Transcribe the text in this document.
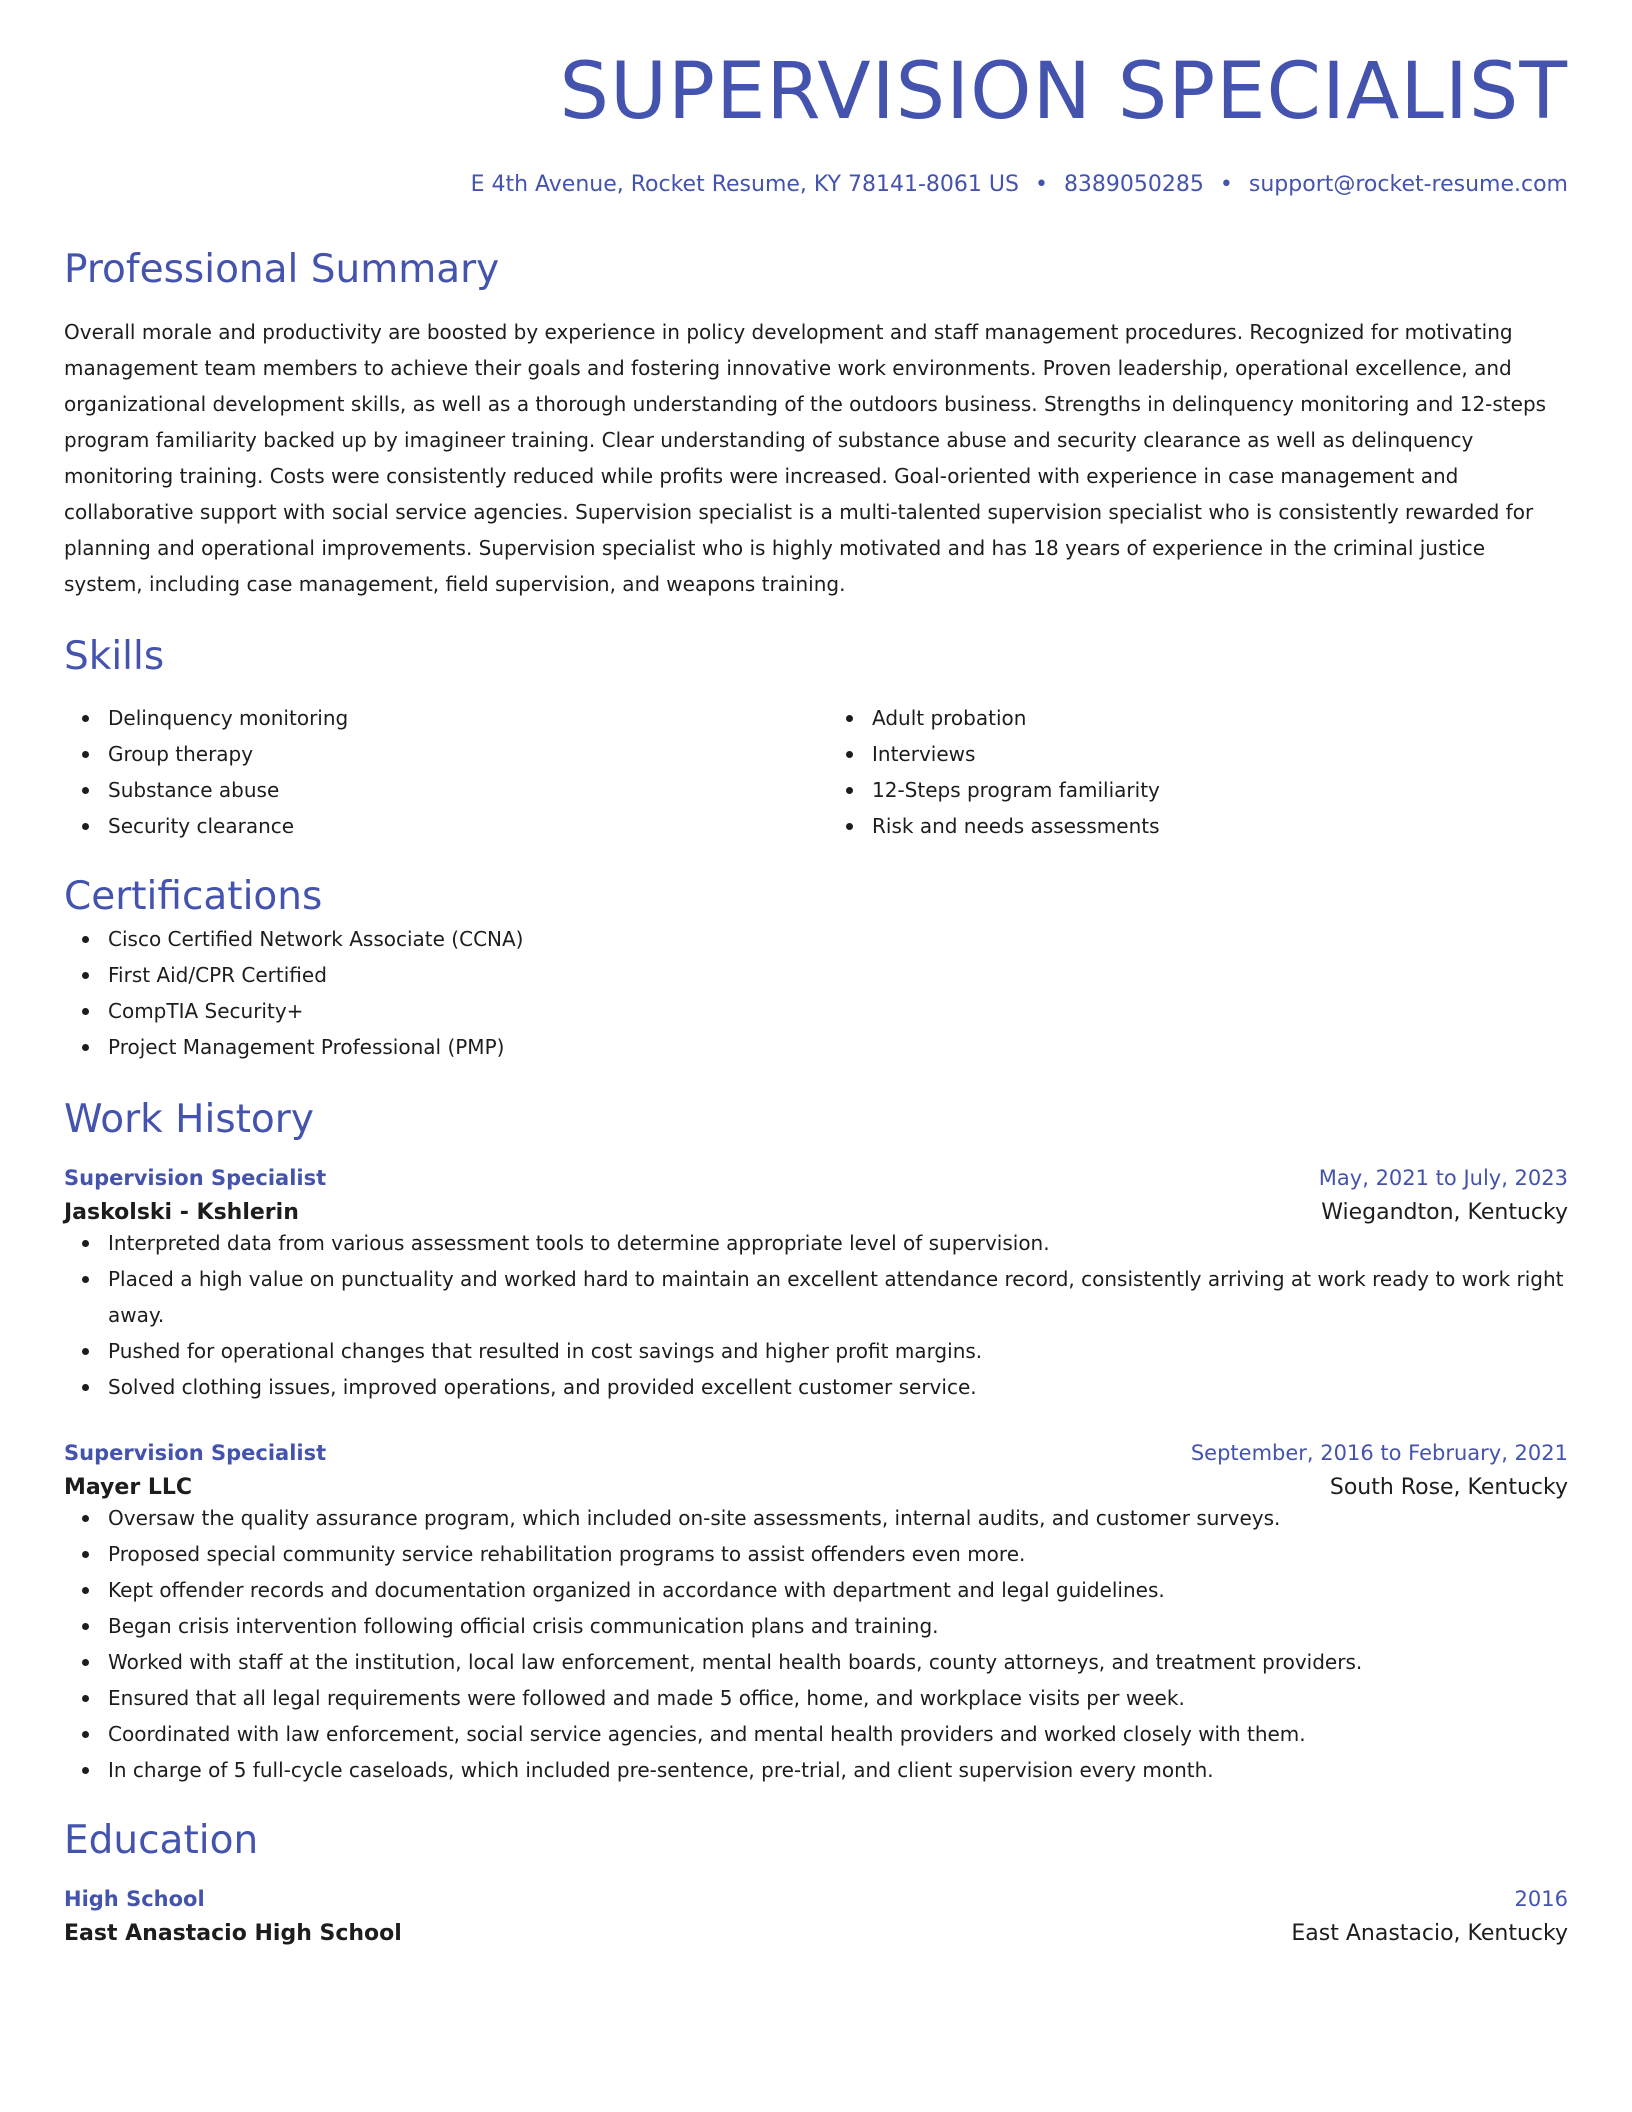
SUPERVISION SPECIALIST
E 4th Avenue, Rocket Resume, KY 78141-8061 US • 8389050285 • support@rocket-resume.com
Professional Summary

Overall morale and productivity are boosted by experience in policy development and staff management procedures. Recognized for motivating management team members to achieve their goals and fostering innovative work environments. Proven leadership, operational excellence, and organizational development skills, as well as a thorough understanding of the outdoors business. Strengths in delinquency monitoring and 12-steps program familiarity backed up by imagineer training. Clear understanding of substance abuse and security clearance as well as delinquency monitoring training. Costs were consistently reduced while profits were increased. Goal-oriented with experience in case management and collaborative support with social service agencies. Supervision specialist is a multi-talented supervision specialist who is consistently rewarded for planning and operational improvements. Supervision specialist who is highly motivated and has 18 years of experience in the criminal justice system, including case management, field supervision, and weapons training.

Skills
Delinquency monitoring
Group therapy
Substance abuse
Security clearance
Adult probation
Interviews
12-Steps program familiarity
Risk and needs assessments
Certifications
Cisco Certified Network Associate (CCNA)
First Aid/CPR Certified
CompTIA Security+
Project Management Professional (PMP)
Work History
Supervision Specialist	May, 2021 to July, 2023
Jaskolski - Kshlerin	Wiegandton, Kentucky
Interpreted data from various assessment tools to determine appropriate level of supervision.
Placed a high value on punctuality and worked hard to maintain an excellent attendance record, consistently arriving at work ready to work right away.
Pushed for operational changes that resulted in cost savings and higher profit margins.
Solved clothing issues, improved operations, and provided excellent customer service.
Supervision Specialist	September, 2016 to February, 2021
Mayer LLC	South Rose, Kentucky
Oversaw the quality assurance program, which included on-site assessments, internal audits, and customer surveys.
Proposed special community service rehabilitation programs to assist offenders even more.
Kept offender records and documentation organized in accordance with department and legal guidelines.
Began crisis intervention following official crisis communication plans and training.
Worked with staff at the institution, local law enforcement, mental health boards, county attorneys, and treatment providers.
Ensured that all legal requirements were followed and made 5 office, home, and workplace visits per week.
Coordinated with law enforcement, social service agencies, and mental health providers and worked closely with them.
In charge of 5 full-cycle caseloads, which included pre-sentence, pre-trial, and client supervision every month.
Education
High School	2016
East Anastacio High School	East Anastacio, Kentucky
